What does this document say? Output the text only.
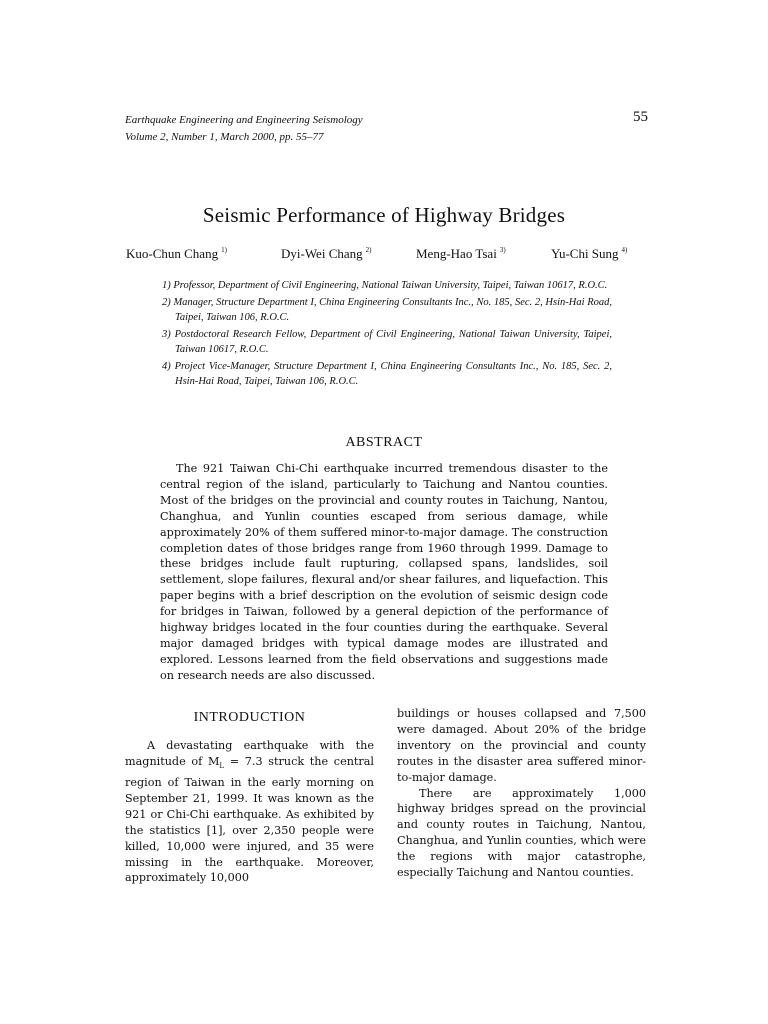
Earthquake Engineering and Engineering Seismology
Volume 2, Number 1, March 2000, pp. 55–77
55
Seismic Performance of Highway Bridges
Kuo-Chun Chang $^{1)}$	Dyi-Wei Chang $^{2)}$	Meng-Hao Tsai $^{3)}$	Yu-Chi Sung $^{4)}$
1) Professor, Department of Civil Engineering, National Taiwan University, Taipei, Taiwan 10617, R.O.C.
2) Manager, Structure Department I, China Engineering Consultants Inc., No. 185, Sec. 2, Hsin-Hai Road, Taipei, Taiwan 106, R.O.C.
3) Postdoctoral Research Fellow, Department of Civil Engineering, National Taiwan University, Taipei, Taiwan 10617, R.O.C.
4) Project Vice-Manager, Structure Department I, China Engineering Consultants Inc., No. 185, Sec. 2, Hsin-Hai Road, Taipei, Taiwan 106, R.O.C.
ABSTRACT
The 921 Taiwan Chi-Chi earthquake incurred tremendous disaster to the central region of the island, particularly to Taichung and Nantou counties. Most of the bridges on the provincial and county routes in Taichung, Nantou, Changhua, and Yunlin counties escaped from serious damage, while approximately 20% of them suffered minor-to-major damage. The construction completion dates of those bridges range from 1960 through 1999. Damage to these bridges include fault rupturing, collapsed spans, landslides, soil settlement, slope failures, flexural and/or shear failures, and liquefaction. This paper begins with a brief description on the evolution of seismic design code for bridges in Taiwan, followed by a general depiction of the performance of highway bridges located in the four counties during the earthquake. Several major damaged bridges with typical damage modes are illustrated and explored. Lessons learned from the field observations and suggestions made on research needs are also discussed.
INTRODUCTION

A devastating earthquake with the magnitude of $M_L = 7.3$ struck the central region of Taiwan in the early morning on September 21, 1999. It was known as the 921 or Chi-Chi earthquake. As exhibited by the statistics [1], over 2,350 people were killed, 10,000 were injured, and 35 were missing in the earthquake. Moreover, approximately 10,000

buildings or houses collapsed and 7,500 were damaged. About 20% of the bridge inventory on the provincial and county routes in the disaster area suffered minor-to-major damage.

There are approximately 1,000 highway bridges spread on the provincial and county routes in Taichung, Nantou, Changhua, and Yunlin counties, which were the regions with major catastrophe, especially Taichung and Nantou counties.
